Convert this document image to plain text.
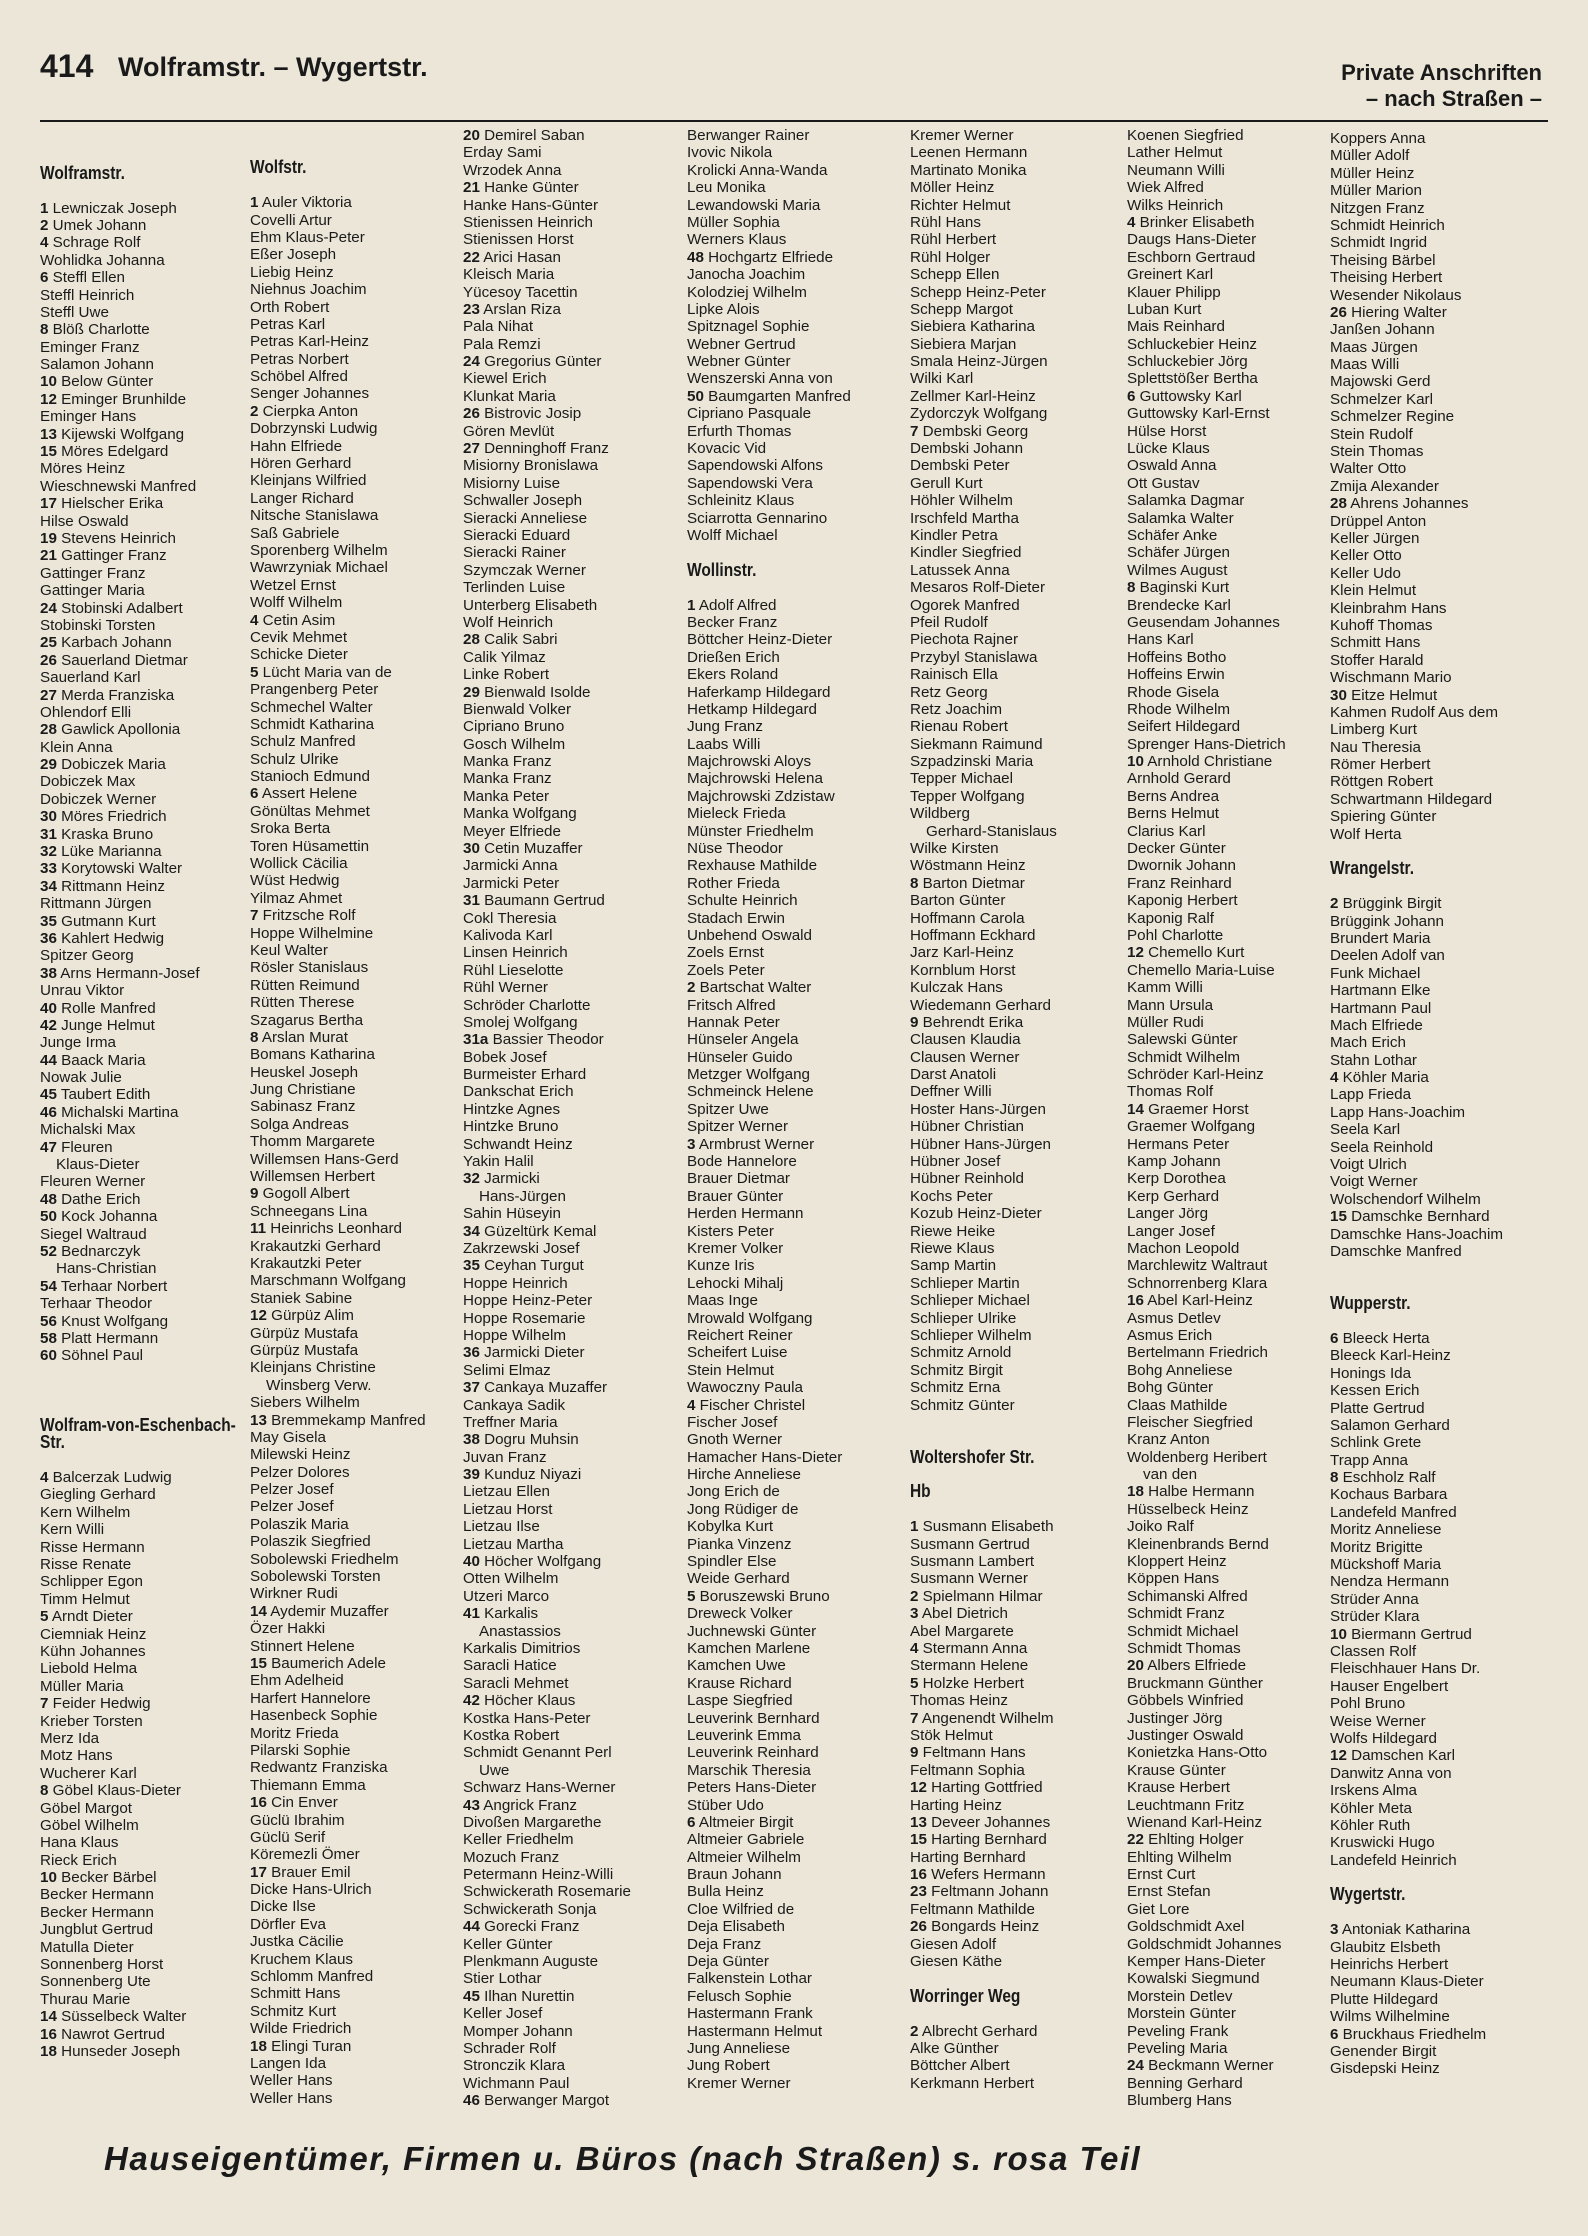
414 Wolframstr. – Wygertstr.	Private Anschriften
– nach Straßen –
Wolframstr.
1 Lewniczak Joseph
2 Umek Johann
4 Schrage Rolf
Wohlidka Johanna
6 Steffl Ellen
Steffl Heinrich
Steffl Uwe
8 Blöß Charlotte
Eminger Franz
Salamon Johann
10 Below Günter
12 Eminger Brunhilde
Eminger Hans
13 Kijewski Wolfgang
15 Möres Edelgard
Möres Heinz
Wieschnewski Manfred
17 Hielscher Erika
Hilse Oswald
19 Stevens Heinrich
21 Gattinger Franz
Gattinger Franz
Gattinger Maria
24 Stobinski Adalbert
Stobinski Torsten
25 Karbach Johann
26 Sauerland Dietmar
Sauerland Karl
27 Merda Franziska
Ohlendorf Elli
28 Gawlick Apollonia
Klein Anna
29 Dobiczek Maria
Dobiczek Max
Dobiczek Werner
30 Möres Friedrich
31 Kraska Bruno
32 Lüke Marianna
33 Korytowski Walter
34 Rittmann Heinz
Rittmann Jürgen
35 Gutmann Kurt
36 Kahlert Hedwig
Spitzer Georg
38 Arns Hermann-Josef
Unrau Viktor
40 Rolle Manfred
42 Junge Helmut
Junge Irma
44 Baack Maria
Nowak Julie
45 Taubert Edith
46 Michalski Martina
Michalski Max
47 Fleuren
Klaus-Dieter
Fleuren Werner
48 Dathe Erich
50 Kock Johanna
Siegel Waltraud
52 Bednarczyk
Hans-Christian
54 Terhaar Norbert
Terhaar Theodor
56 Knust Wolfgang
58 Platt Hermann
60 Söhnel Paul
Wolfram-von-Eschenbach-
Str.
4 Balcerzak Ludwig
Giegling Gerhard
Kern Wilhelm
Kern Willi
Risse Hermann
Risse Renate
Schlipper Egon
Timm Helmut
5 Arndt Dieter
Ciemniak Heinz
Kühn Johannes
Liebold Helma
Müller Maria
7 Feider Hedwig
Krieber Torsten
Merz Ida
Motz Hans
Wucherer Karl
8 Göbel Klaus-Dieter
Göbel Margot
Göbel Wilhelm
Hana Klaus
Rieck Erich
10 Becker Bärbel
Becker Hermann
Becker Hermann
Jungblut Gertrud
Matulla Dieter
Sonnenberg Horst
Sonnenberg Ute
Thurau Marie
14 Süsselbeck Walter
16 Nawrot Gertrud
18 Hunseder Joseph
Wolfstr.
1 Auler Viktoria
Covelli Artur
Ehm Klaus-Peter
Eßer Joseph
Liebig Heinz
Niehnus Joachim
Orth Robert
Petras Karl
Petras Karl-Heinz
Petras Norbert
Schöbel Alfred
Senger Johannes
2 Cierpka Anton
Dobrzynski Ludwig
Hahn Elfriede
Hören Gerhard
Kleinjans Wilfried
Langer Richard
Nitsche Stanislawa
Saß Gabriele
Sporenberg Wilhelm
Wawrzyniak Michael
Wetzel Ernst
Wolff Wilhelm
4 Cetin Asim
Cevik Mehmet
Schicke Dieter
5 Lücht Maria van de
Prangenberg Peter
Schmechel Walter
Schmidt Katharina
Schulz Manfred
Schulz Ulrike
Stanioch Edmund
6 Assert Helene
Gönültas Mehmet
Sroka Berta
Toren Hüsamettin
Wollick Cäcilia
Wüst Hedwig
Yilmaz Ahmet
7 Fritzsche Rolf
Hoppe Wilhelmine
Keul Walter
Rösler Stanislaus
Rütten Reimund
Rütten Therese
Szagarus Bertha
8 Arslan Murat
Bomans Katharina
Heuskel Joseph
Jung Christiane
Sabinasz Franz
Solga Andreas
Thomm Margarete
Willemsen Hans-Gerd
Willemsen Herbert
9 Gogoll Albert
Schneegans Lina
11 Heinrichs Leonhard
Krakautzki Gerhard
Krakautzki Peter
Marschmann Wolfgang
Staniek Sabine
12 Gürpüz Alim
Gürpüz Mustafa
Gürpüz Mustafa
Kleinjans Christine
Winsberg Verw.
Siebers Wilhelm
13 Bremmekamp Manfred
May Gisela
Milewski Heinz
Pelzer Dolores
Pelzer Josef
Pelzer Josef
Polaszik Maria
Polaszik Siegfried
Sobolewski Friedhelm
Sobolewski Torsten
Wirkner Rudi
14 Aydemir Muzaffer
Özer Hakki
Stinnert Helene
15 Baumerich Adele
Ehm Adelheid
Harfert Hannelore
Hasenbeck Sophie
Moritz Frieda
Pilarski Sophie
Redwantz Franziska
Thiemann Emma
16 Cin Enver
Güclü Ibrahim
Güclü Serif
Köremezli Ömer
17 Brauer Emil
Dicke Hans-Ulrich
Dicke Ilse
Dörfler Eva
Justka Cäcilie
Kruchem Klaus
Schlomm Manfred
Schmitt Hans
Schmitz Kurt
Wilde Friedrich
18 Elingi Turan
Langen Ida
Weller Hans
Weller Hans
20 Demirel Saban
Erday Sami
Wrzodek Anna
21 Hanke Günter
Hanke Hans-Günter
Stienissen Heinrich
Stienissen Horst
22 Arici Hasan
Kleisch Maria
Yücesoy Tacettin
23 Arslan Riza
Pala Nihat
Pala Remzi
24 Gregorius Günter
Kiewel Erich
Klunkat Maria
26 Bistrovic Josip
Gören Mevlüt
27 Denninghoff Franz
Misiorny Bronislawa
Misiorny Luise
Schwaller Joseph
Sieracki Anneliese
Sieracki Eduard
Sieracki Rainer
Szymczak Werner
Terlinden Luise
Unterberg Elisabeth
Wolf Heinrich
28 Calik Sabri
Calik Yilmaz
Linke Robert
29 Bienwald Isolde
Bienwald Volker
Cipriano Bruno
Gosch Wilhelm
Manka Franz
Manka Franz
Manka Peter
Manka Wolfgang
Meyer Elfriede
30 Cetin Muzaffer
Jarmicki Anna
Jarmicki Peter
31 Baumann Gertrud
Cokl Theresia
Kalivoda Karl
Linsen Heinrich
Rühl Lieselotte
Rühl Werner
Schröder Charlotte
Smolej Wolfgang
31a Bassier Theodor
Bobek Josef
Burmeister Erhard
Dankschat Erich
Hintzke Agnes
Hintzke Bruno
Schwandt Heinz
Yakin Halil
32 Jarmicki
Hans-Jürgen
Sahin Hüseyin
34 Güzeltürk Kemal
Zakrzewski Josef
35 Ceyhan Turgut
Hoppe Heinrich
Hoppe Heinz-Peter
Hoppe Rosemarie
Hoppe Wilhelm
36 Jarmicki Dieter
Selimi Elmaz
37 Cankaya Muzaffer
Cankaya Sadik
Treffner Maria
38 Dogru Muhsin
Juvan Franz
39 Kunduz Niyazi
Lietzau Ellen
Lietzau Horst
Lietzau Ilse
Lietzau Martha
40 Höcher Wolfgang
Otten Wilhelm
Utzeri Marco
41 Karkalis
Anastassios
Karkalis Dimitrios
Saracli Hatice
Saracli Mehmet
42 Höcher Klaus
Kostka Hans-Peter
Kostka Robert
Schmidt Genannt Perl
Uwe
Schwarz Hans-Werner
43 Angrick Franz
Divoßen Margarethe
Keller Friedhelm
Mozuch Franz
Petermann Heinz-Willi
Schwickerath Rosemarie
Schwickerath Sonja
44 Gorecki Franz
Keller Günter
Plenkmann Auguste
Stier Lothar
45 Ilhan Nurettin
Keller Josef
Momper Johann
Schrader Rolf
Stronczik Klara
Wichmann Paul
46 Berwanger Margot
Berwanger Rainer
Ivovic Nikola
Krolicki Anna-Wanda
Leu Monika
Lewandowski Maria
Müller Sophia
Werners Klaus
48 Hochgartz Elfriede
Janocha Joachim
Kolodziej Wilhelm
Lipke Alois
Spitznagel Sophie
Webner Gertrud
Webner Günter
Wenszerski Anna von
50 Baumgarten Manfred
Cipriano Pasquale
Erfurth Thomas
Kovacic Vid
Sapendowski Alfons
Sapendowski Vera
Schleinitz Klaus
Sciarrotta Gennarino
Wolff Michael
Wollinstr.
1 Adolf Alfred
Becker Franz
Böttcher Heinz-Dieter
Drießen Erich
Ekers Roland
Haferkamp Hildegard
Hetkamp Hildegard
Jung Franz
Laabs Willi
Majchrowski Aloys
Majchrowski Helena
Majchrowski Zdzistaw
Mieleck Frieda
Münster Friedhelm
Nüse Theodor
Rexhause Mathilde
Rother Frieda
Schulte Heinrich
Stadach Erwin
Unbehend Oswald
Zoels Ernst
Zoels Peter
2 Bartschat Walter
Fritsch Alfred
Hannak Peter
Hünseler Angela
Hünseler Guido
Metzger Wolfgang
Schmeinck Helene
Spitzer Uwe
Spitzer Werner
3 Armbrust Werner
Bode Hannelore
Brauer Dietmar
Brauer Günter
Herden Hermann
Kisters Peter
Kremer Volker
Kunze Iris
Lehocki Mihalj
Maas Inge
Mrowald Wolfgang
Reichert Reiner
Scheifert Luise
Stein Helmut
Wawoczny Paula
4 Fischer Christel
Fischer Josef
Gnoth Werner
Hamacher Hans-Dieter
Hirche Anneliese
Jong Erich de
Jong Rüdiger de
Kobylka Kurt
Pianka Vinzenz
Spindler Else
Weide Gerhard
5 Boruszewski Bruno
Dreweck Volker
Juchnewski Günter
Kamchen Marlene
Kamchen Uwe
Krause Richard
Laspe Siegfried
Leuverink Bernhard
Leuverink Emma
Leuverink Reinhard
Marschik Theresia
Peters Hans-Dieter
Stüber Udo
6 Altmeier Birgit
Altmeier Gabriele
Altmeier Wilhelm
Braun Johann
Bulla Heinz
Cloe Wilfried de
Deja Elisabeth
Deja Franz
Deja Günter
Falkenstein Lothar
Felusch Sophie
Hastermann Frank
Hastermann Helmut
Jung Anneliese
Jung Robert
Kremer Werner
Kremer Werner
Leenen Hermann
Martinato Monika
Möller Heinz
Richter Helmut
Rühl Hans
Rühl Herbert
Rühl Holger
Schepp Ellen
Schepp Heinz-Peter
Schepp Margot
Siebiera Katharina
Siebiera Marjan
Smala Heinz-Jürgen
Wilki Karl
Zellmer Karl-Heinz
Zydorczyk Wolfgang
7 Dembski Georg
Dembski Johann
Dembski Peter
Gerull Kurt
Höhler Wilhelm
Irschfeld Martha
Kindler Petra
Kindler Siegfried
Latussek Anna
Mesaros Rolf-Dieter
Ogorek Manfred
Pfeil Rudolf
Piechota Rajner
Przybyl Stanislawa
Rainisch Ella
Retz Georg
Retz Joachim
Rienau Robert
Siekmann Raimund
Szpadzinski Maria
Tepper Michael
Tepper Wolfgang
Wildberg
Gerhard-Stanislaus
Wilke Kirsten
Wöstmann Heinz
8 Barton Dietmar
Barton Günter
Hoffmann Carola
Hoffmann Eckhard
Jarz Karl-Heinz
Kornblum Horst
Kulczak Hans
Wiedemann Gerhard
9 Behrendt Erika
Clausen Klaudia
Clausen Werner
Darst Anatoli
Deffner Willi
Hoster Hans-Jürgen
Hübner Christian
Hübner Hans-Jürgen
Hübner Josef
Hübner Reinhold
Kochs Peter
Kozub Heinz-Dieter
Riewe Heike
Riewe Klaus
Samp Martin
Schlieper Martin
Schlieper Michael
Schlieper Ulrike
Schlieper Wilhelm
Schmitz Arnold
Schmitz Birgit
Schmitz Erna
Schmitz Günter
Woltershofer Str.
Hb
1 Susmann Elisabeth
Susmann Gertrud
Susmann Lambert
Susmann Werner
2 Spielmann Hilmar
3 Abel Dietrich
Abel Margarete
4 Stermann Anna
Stermann Helene
5 Holzke Herbert
Thomas Heinz
7 Angenendt Wilhelm
Stök Helmut
9 Feltmann Hans
Feltmann Sophia
12 Harting Gottfried
Harting Heinz
13 Deveer Johannes
15 Harting Bernhard
Harting Bernhard
16 Wefers Hermann
23 Feltmann Johann
Feltmann Mathilde
26 Bongards Heinz
Giesen Adolf
Giesen Käthe
Worringer Weg
2 Albrecht Gerhard
Alke Günther
Böttcher Albert
Kerkmann Herbert
Koenen Siegfried
Lather Helmut
Neumann Willi
Wiek Alfred
Wilks Heinrich
4 Brinker Elisabeth
Daugs Hans-Dieter
Eschborn Gertraud
Greinert Karl
Klauer Philipp
Luban Kurt
Mais Reinhard
Schluckebier Heinz
Schluckebier Jörg
Splettstößer Bertha
6 Guttowsky Karl
Guttowsky Karl-Ernst
Hülse Horst
Lücke Klaus
Oswald Anna
Ott Gustav
Salamka Dagmar
Salamka Walter
Schäfer Anke
Schäfer Jürgen
Wilmes August
8 Baginski Kurt
Brendecke Karl
Geusendam Johannes
Hans Karl
Hoffeins Botho
Hoffeins Erwin
Rhode Gisela
Rhode Wilhelm
Seifert Hildegard
Sprenger Hans-Dietrich
10 Arnhold Christiane
Arnhold Gerard
Berns Andrea
Berns Helmut
Clarius Karl
Decker Günter
Dwornik Johann
Franz Reinhard
Kaponig Herbert
Kaponig Ralf
Pohl Charlotte
12 Chemello Kurt
Chemello Maria-Luise
Kamm Willi
Mann Ursula
Müller Rudi
Salewski Günter
Schmidt Wilhelm
Schröder Karl-Heinz
Thomas Rolf
14 Graemer Horst
Graemer Wolfgang
Hermans Peter
Kamp Johann
Kerp Dorothea
Kerp Gerhard
Langer Jörg
Langer Josef
Machon Leopold
Marchlewitz Waltraut
Schnorrenberg Klara
16 Abel Karl-Heinz
Asmus Detlev
Asmus Erich
Bertelmann Friedrich
Bohg Anneliese
Bohg Günter
Claas Mathilde
Fleischer Siegfried
Kranz Anton
Woldenberg Heribert
van den
18 Halbe Hermann
Hüsselbeck Heinz
Joiko Ralf
Kleinenbrands Bernd
Kloppert Heinz
Köppen Hans
Schimanski Alfred
Schmidt Franz
Schmidt Michael
Schmidt Thomas
20 Albers Elfriede
Bruckmann Günther
Göbbels Winfried
Justinger Jörg
Justinger Oswald
Konietzka Hans-Otto
Krause Günter
Krause Herbert
Leuchtmann Fritz
Wienand Karl-Heinz
22 Ehlting Holger
Ehlting Wilhelm
Ernst Curt
Ernst Stefan
Giet Lore
Goldschmidt Axel
Goldschmidt Johannes
Kemper Hans-Dieter
Kowalski Siegmund
Morstein Detlev
Morstein Günter
Peveling Frank
Peveling Maria
24 Beckmann Werner
Benning Gerhard
Blumberg Hans
Koppers Anna
Müller Adolf
Müller Heinz
Müller Marion
Nitzgen Franz
Schmidt Heinrich
Schmidt Ingrid
Theising Bärbel
Theising Herbert
Wesender Nikolaus
26 Hiering Walter
Janßen Johann
Maas Jürgen
Maas Willi
Majowski Gerd
Schmelzer Karl
Schmelzer Regine
Stein Rudolf
Stein Thomas
Walter Otto
Zmija Alexander
28 Ahrens Johannes
Drüppel Anton
Keller Jürgen
Keller Otto
Keller Udo
Klein Helmut
Kleinbrahm Hans
Kuhoff Thomas
Schmitt Hans
Stoffer Harald
Wischmann Mario
30 Eitze Helmut
Kahmen Rudolf Aus dem
Limberg Kurt
Nau Theresia
Römer Herbert
Röttgen Robert
Schwartmann Hildegard
Spiering Günter
Wolf Herta
Wrangelstr.
2 Brüggink Birgit
Brüggink Johann
Brundert Maria
Deelen Adolf van
Funk Michael
Hartmann Elke
Hartmann Paul
Mach Elfriede
Mach Erich
Stahn Lothar
4 Köhler Maria
Lapp Frieda
Lapp Hans-Joachim
Seela Karl
Seela Reinhold
Voigt Ulrich
Voigt Werner
Wolschendorf Wilhelm
15 Damschke Bernhard
Damschke Hans-Joachim
Damschke Manfred
Wupperstr.
6 Bleeck Herta
Bleeck Karl-Heinz
Honings Ida
Kessen Erich
Platte Gertrud
Salamon Gerhard
Schlink Grete
Trapp Anna
8 Eschholz Ralf
Kochaus Barbara
Landefeld Manfred
Moritz Anneliese
Moritz Brigitte
Mückshoff Maria
Nendza Hermann
Strüder Anna
Strüder Klara
10 Biermann Gertrud
Classen Rolf
Fleischhauer Hans Dr.
Hauser Engelbert
Pohl Bruno
Weise Werner
Wolfs Hildegard
12 Damschen Karl
Danwitz Anna von
Irskens Alma
Köhler Meta
Köhler Ruth
Kruswicki Hugo
Landefeld Heinrich
Wygertstr.
3 Antoniak Katharina
Glaubitz Elsbeth
Heinrichs Herbert
Neumann Klaus-Dieter
Plutte Hildegard
Wilms Wilhelmine
6 Bruckhaus Friedhelm
Genender Birgit
Gisdepski Heinz
Hauseigentümer, Firmen u. Büros (nach Straßen) s. rosa Teil
